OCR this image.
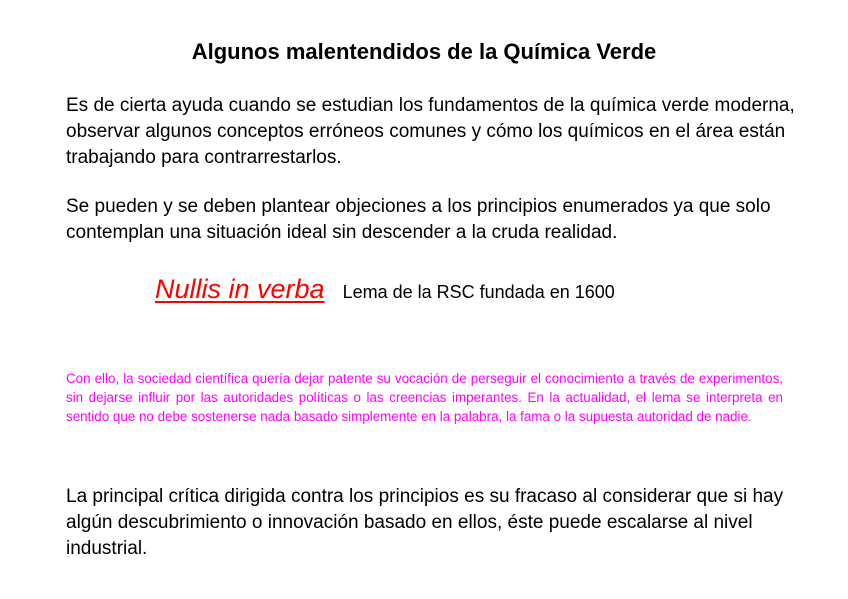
Algunos malentendidos de la Química Verde

Es de cierta ayuda cuando se estudian los fundamentos de la química verde moderna, observar algunos conceptos erróneos comunes y cómo los químicos en el área están trabajando para contrarrestarlos.

Se pueden y se deben plantear objeciones a los principios enumerados ya que solo contemplan una situación ideal sin descender a la cruda realidad.

Nullis in verba Lema de la RSC fundada en 1600

Con ello, la sociedad científica quería dejar patente su vocación de perseguir el conocimiento a través de experimentos, sin dejarse influir por las autoridades políticas o las creencias imperantes. En la actualidad, el lema se interpreta en sentido que no debe sostenerse nada basado simplemente en la palabra, la fama o la supuesta autoridad de nadie.

La principal crítica dirigida contra los principios es su fracaso al considerar que si hay algún descubrimiento o innovación basado en ellos, éste puede escalarse al nivel industrial.
